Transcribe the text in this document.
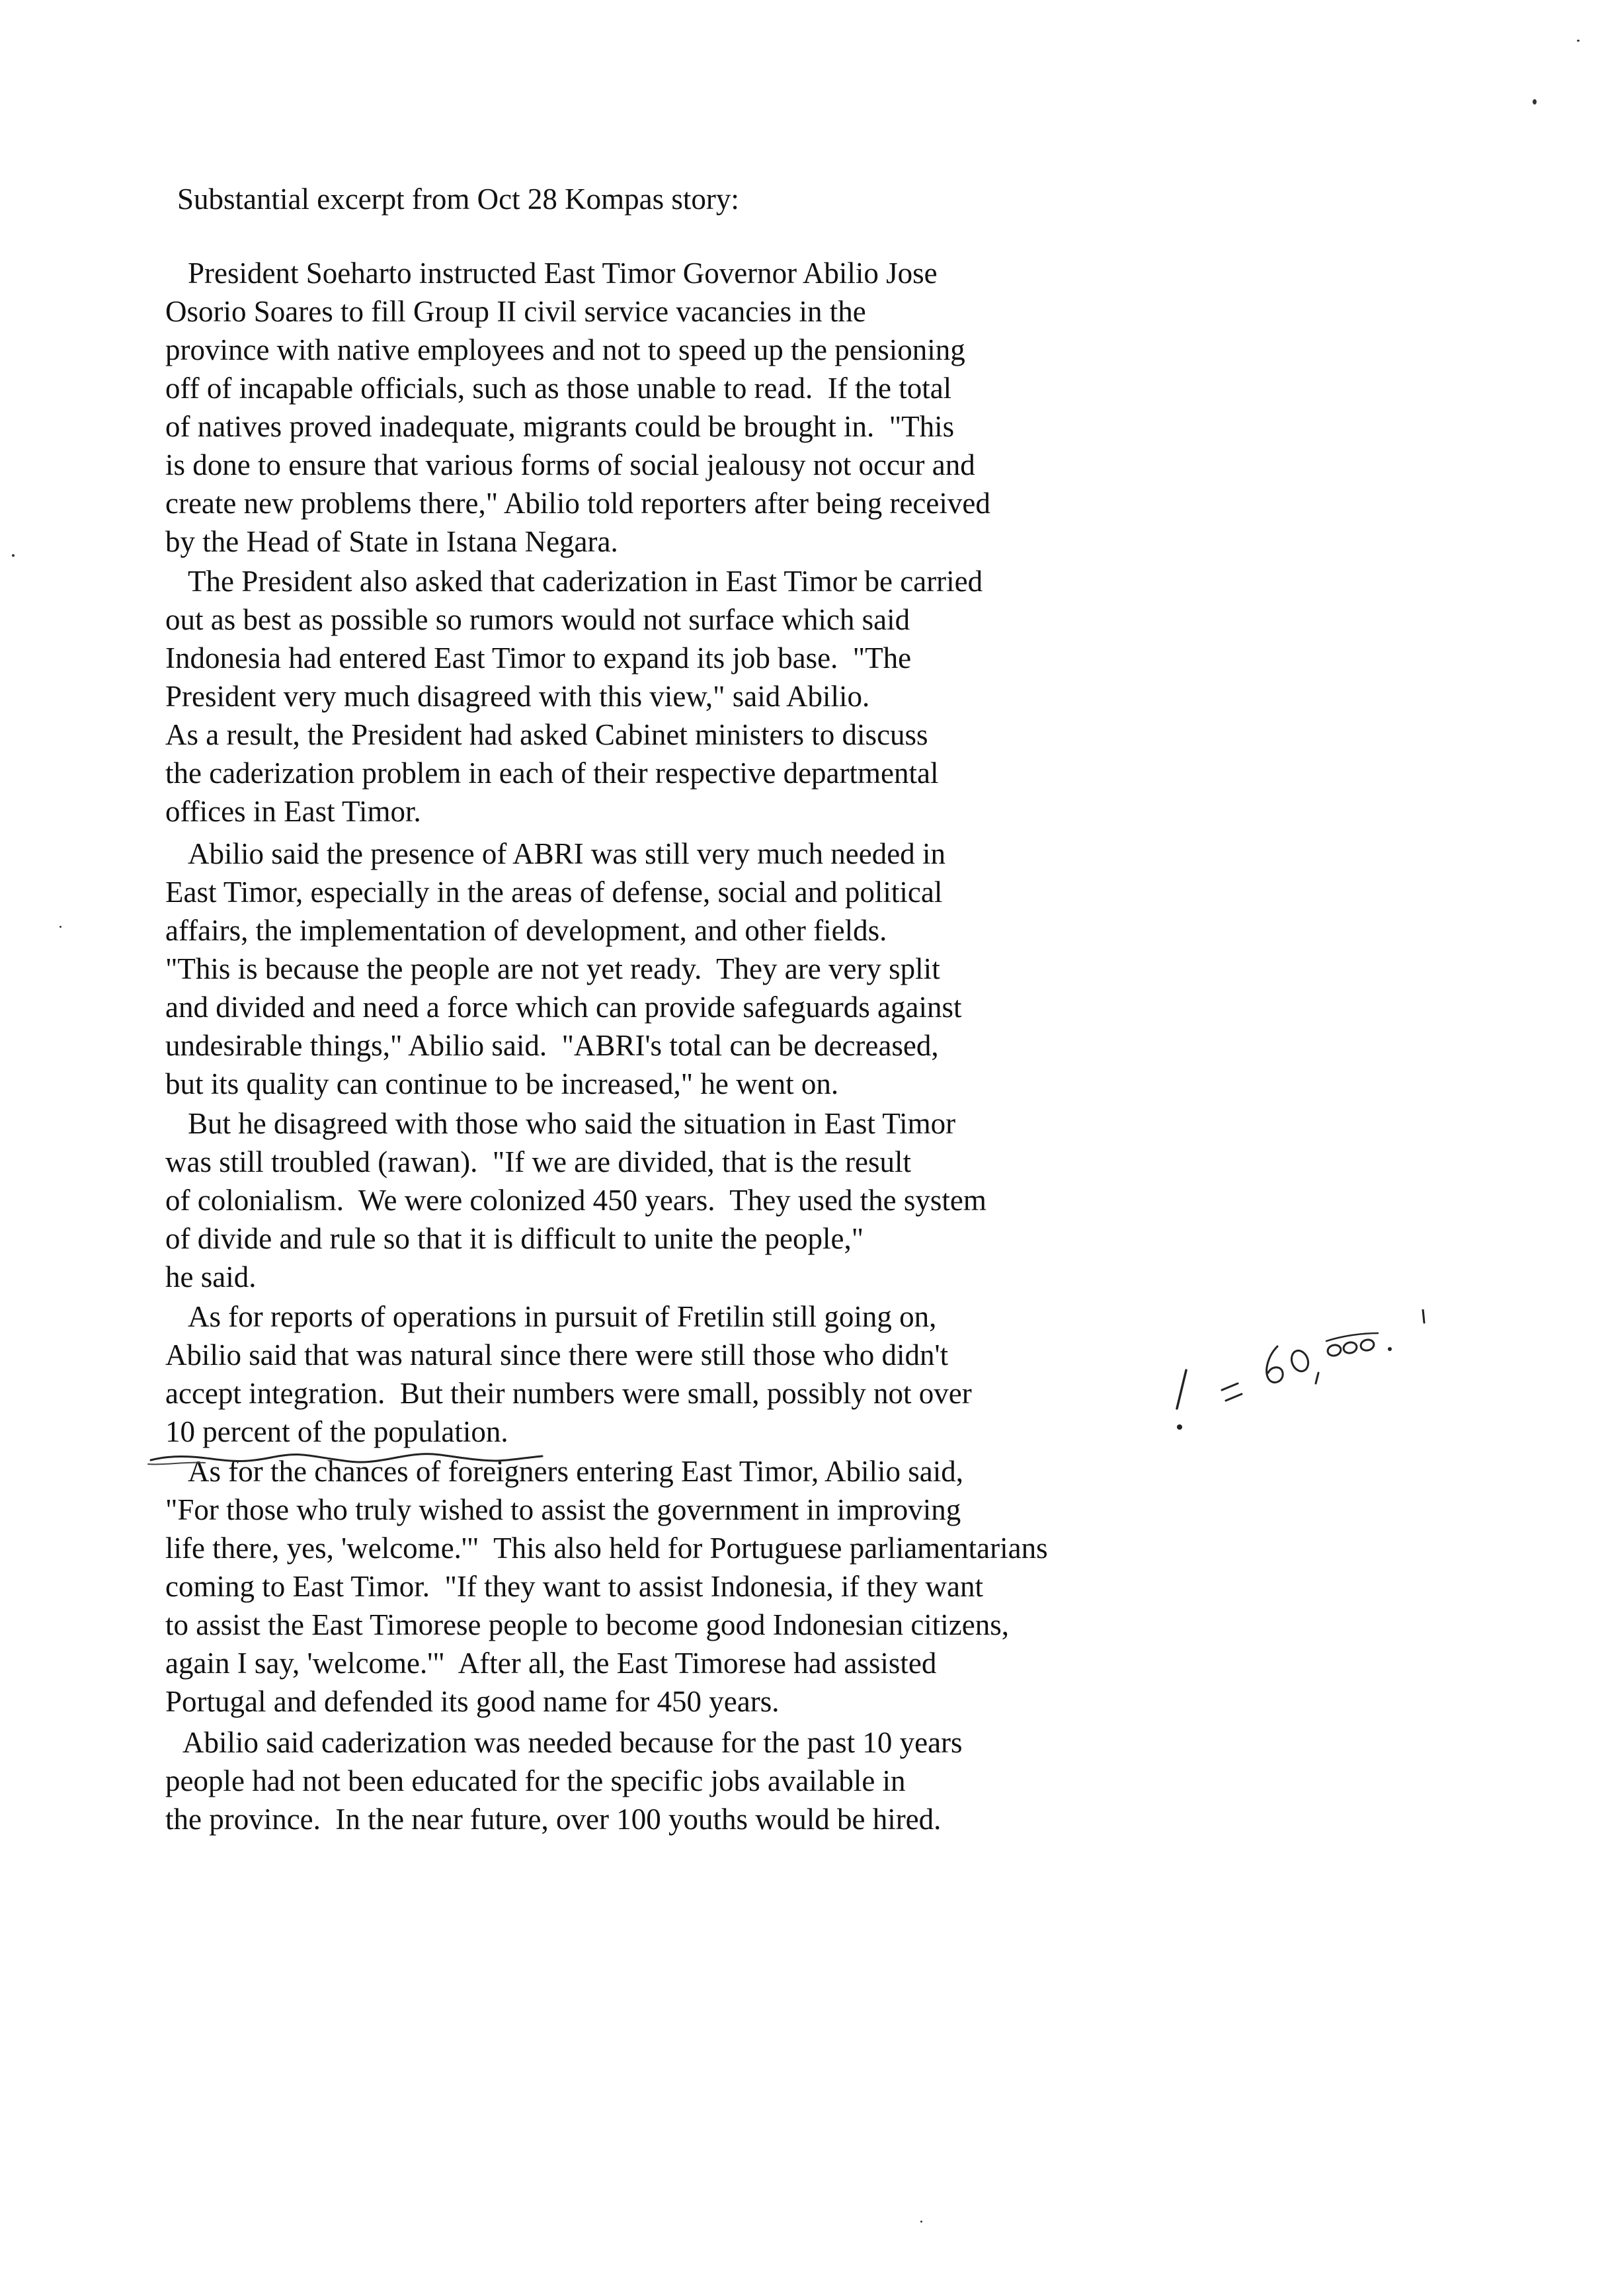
Substantial excerpt from Oct 28 Kompas story:
President Soeharto instructed East Timor Governor Abilio Jose
Osorio Soares to fill Group II civil service vacancies in the
province with native employees and not to speed up the pensioning
off of incapable officials, such as those unable to read.  If the total
of natives proved inadequate, migrants could be brought in.  "This
is done to ensure that various forms of social jealousy not occur and
create new problems there," Abilio told reporters after being received
by the Head of State in Istana Negara.
The President also asked that caderization in East Timor be carried
out as best as possible so rumors would not surface which said
Indonesia had entered East Timor to expand its job base.  "The
President very much disagreed with this view," said Abilio.
As a result, the President had asked Cabinet ministers to discuss
the caderization problem in each of their respective departmental
offices in East Timor.
Abilio said the presence of ABRI was still very much needed in
East Timor, especially in the areas of defense, social and political
affairs, the implementation of development, and other fields.
"This is because the people are not yet ready.  They are very split
and divided and need a force which can provide safeguards against
undesirable things," Abilio said.  "ABRI's total can be decreased,
but its quality can continue to be increased," he went on.
But he disagreed with those who said the situation in East Timor
was still troubled (rawan).  "If we are divided, that is the result
of colonialism.  We were colonized 450 years.  They used the system
of divide and rule so that it is difficult to unite the people,"
he said.
As for reports of operations in pursuit of Fretilin still going on,
Abilio said that was natural since there were still those who didn't
accept integration.  But their numbers were small, possibly not over
10 percent of the population.
As for the chances of foreigners entering East Timor, Abilio said,
"For those who truly wished to assist the government in improving
life there, yes, 'welcome.'"  This also held for Portuguese parliamentarians
coming to East Timor.  "If they want to assist Indonesia, if they want
to assist the East Timorese people to become good Indonesian citizens,
again I say, 'welcome.'"  After all, the East Timorese had assisted
Portugal and defended its good name for 450 years.
Abilio said caderization was needed because for the past 10 years
people had not been educated for the specific jobs available in
the province.  In the near future, over 100 youths would be hired.
